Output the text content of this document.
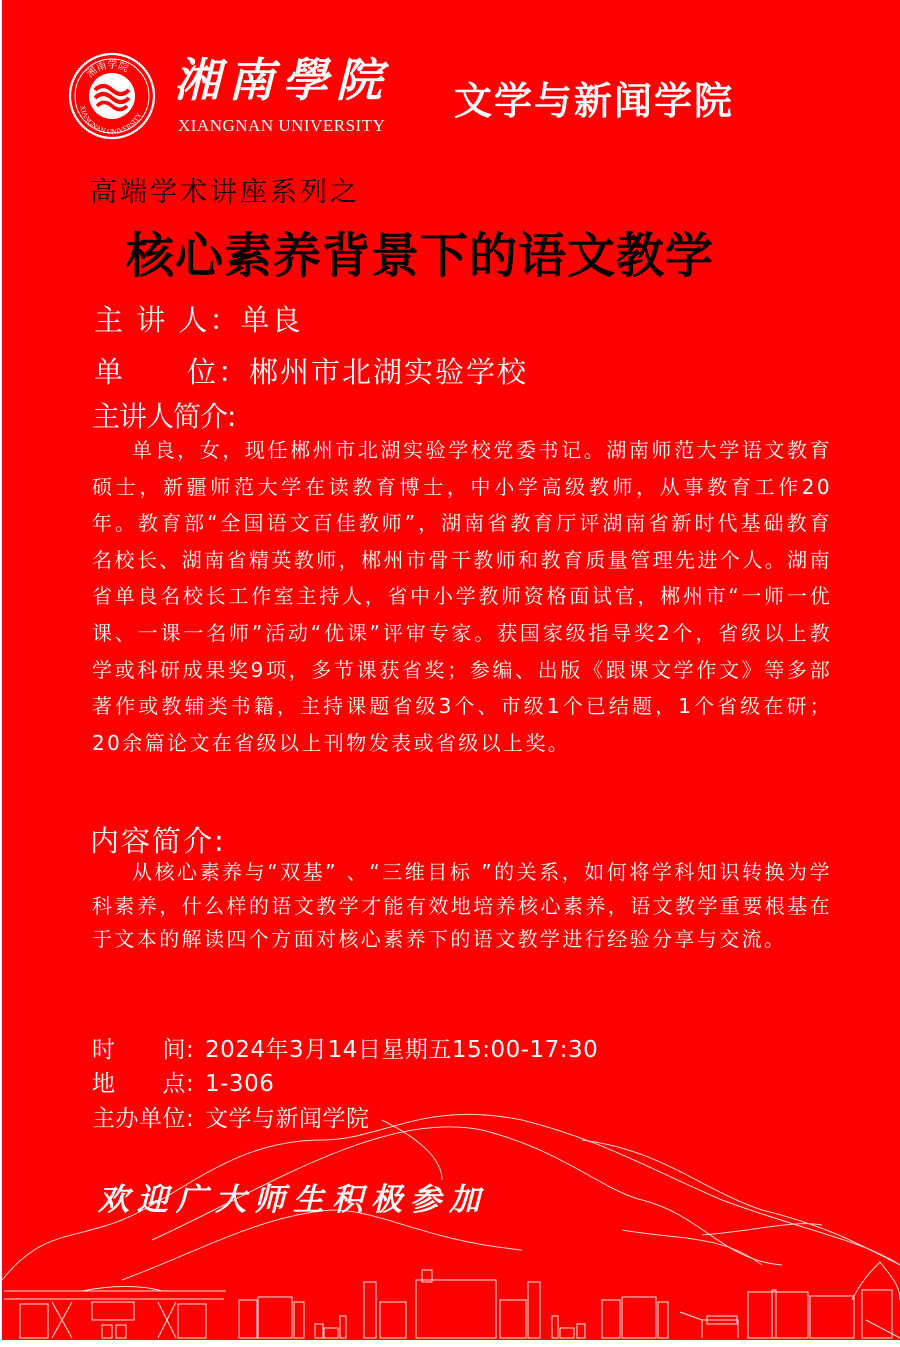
湘南学院
XIANGNAN UNIVERSITY
湘南學院
XIANGNAN UNIVERSITY
文学与新闻学院
高端学术讲座系列之
核心素养背景下的语文教学
主 讲 人：单良
单　　位：郴州市北湖实验学校
主讲人简介:
单良，女，现任郴州市北湖实验学校党委书记。湖南师范大学语文教育硕士，新疆师范大学在读教育博士，中小学高级教师，从事教育工作20年。教育部“全国语文百佳教师”，湖南省教育厅评湖南省新时代基础教育名校长、湖南省精英教师，郴州市骨干教师和教育质量管理先进个人。湖南省单良名校长工作室主持人，省中小学教师资格面试官，郴州市“一师一优课、一课一名师”活动“优课”评审专家。获国家级指导奖2个，省级以上教学或科研成果奖9项，多节课获省奖；参编、出版《跟课文学作文》等多部著作或教辅类书籍，主持课题省级3个、市级1个已结题，1个省级在研；20余篇论文在省级以上刊物发表或省级以上奖。
内容简介:
从核心素养与“双基” 、“三维目标 ”的关系，如何将学科知识转换为学科素养，什么样的语文教学才能有效地培养核心素养，语文教学重要根基在于文本的解读四个方面对核心素养下的语文教学进行经验分享与交流。
时　　间: 2024年3月14日星期五15:00-17:30
地　　点: 1-306
主办单位: 文学与新闻学院
欢迎广大师生积极参加
